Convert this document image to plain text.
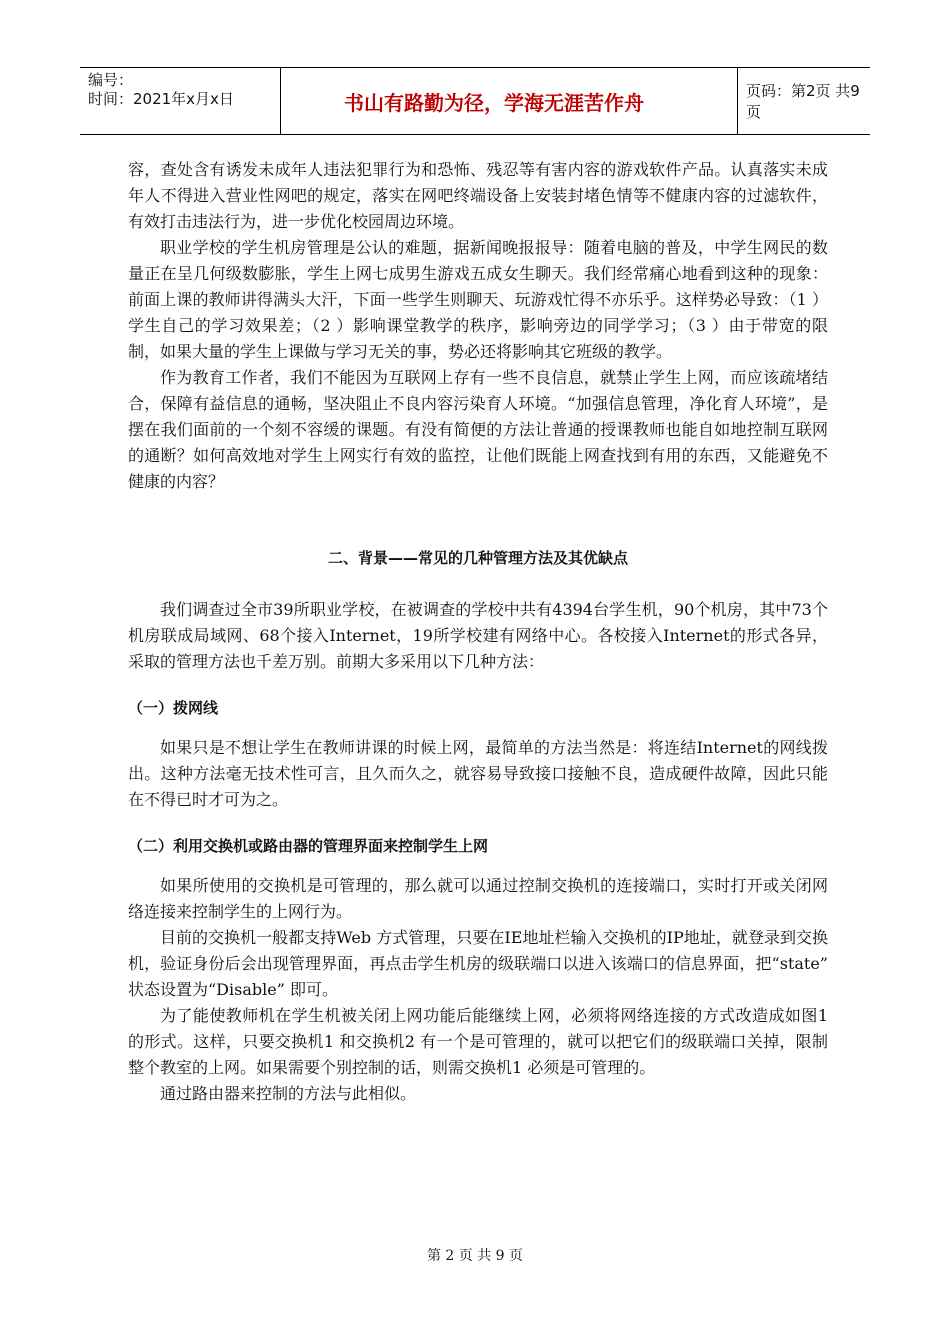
编号：
时间：2021年x月x日	书山有路勤为径，学海无涯苦作舟	页码：第2页 共9页

容，查处含有诱发未成年人违法犯罪行为和恐怖、残忍等有害内容的游戏软件产品。认真落实未成年人不得进入营业性网吧的规定，落实在网吧终端设备上安装封堵色情等不健康内容的过滤软件，有效打击违法行为，进一步优化校园周边环境。

职业学校的学生机房管理是公认的难题，据新闻晚报报导：随着电脑的普及，中学生网民的数量正在呈几何级数膨胀，学生上网七成男生游戏五成女生聊天。我们经常痛心地看到这种的现象：前面上课的教师讲得满头大汗，下面一些学生则聊天、玩游戏忙得不亦乐乎。这样势必导致：（1 ）学生自己的学习效果差；（2 ）影响课堂教学的秩序，影响旁边的同学学习；（3 ）由于带宽的限制，如果大量的学生上课做与学习无关的事，势必还将影响其它班级的教学。

作为教育工作者，我们不能因为互联网上存有一些不良信息，就禁止学生上网，而应该疏堵结合，保障有益信息的通畅，坚决阻止不良内容污染育人环境。“加强信息管理，净化育人环境”，是摆在我们面前的一个刻不容缓的课题。有没有简便的方法让普通的授课教师也能自如地控制互联网的通断？如何高效地对学生上网实行有效的监控，让他们既能上网查找到有用的东西，又能避免不健康的内容？

二、背景——常见的几种管理方法及其优缺点

我们调查过全市39所职业学校，在被调查的学校中共有4394台学生机，90个机房，其中73个机房联成局域网、68个接入Internet，19所学校建有网络中心。各校接入Internet的形式各异，采取的管理方法也千差万别。前期大多采用以下几种方法：

（一）拨网线

如果只是不想让学生在教师讲课的时候上网，最简单的方法当然是：将连结Internet的网线拨出。这种方法毫无技术性可言，且久而久之，就容易导致接口接触不良，造成硬件故障，因此只能在不得已时才可为之。

（二）利用交换机或路由器的管理界面来控制学生上网

如果所使用的交换机是可管理的，那么就可以通过控制交换机的连接端口，实时打开或关闭网络连接来控制学生的上网行为。

目前的交换机一般都支持Web 方式管理，只要在IE地址栏输入交换机的IP地址，就登录到交换机，验证身份后会出现管理界面，再点击学生机房的级联端口以进入该端口的信息界面，把“state” 状态设置为“Disable” 即可。

为了能使教师机在学生机被关闭上网功能后能继续上网，必须将网络连接的方式改造成如图1 的形式。这样，只要交换机1 和交换机2 有一个是可管理的，就可以把它们的级联端口关掉，限制整个教室的上网。如果需要个别控制的话，则需交换机1 必须是可管理的。

通过路由器来控制的方法与此相似。

第 2 页 共 9 页
